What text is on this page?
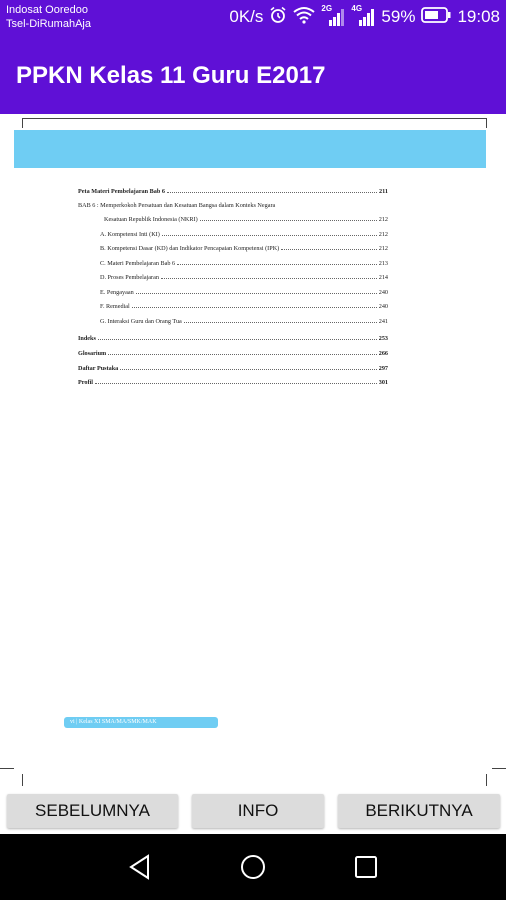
Indosat Ooredoo
Tsel-DiRumahAja	0K/s	2G 4G 59% 19:08
PPKN Kelas 11 Guru E2017
Peta Materi Pembelajaran Bab 6	211
BAB 6 : Memperkokoh Persatuan dan Kesatuan Bangsa dalam Konteks Negara
Kesatuan Republik Indonesia (NKRI)	212
A. Kompetensi Inti (KI)	212
B. Kompetensi Dasar (KD) dan Indikator Pencapaian Kompetensi (IPK)	212
C. Materi Pembelajaran Bab 6	213
D. Proses Pembelajaran	214
E. Pengayaan	240
F. Remedial	240
G. Interaksi Guru dan Orang Tua	241
Indeks	253
Glosarium	266
Daftar Pustaka	297
Profil	301
vi | Kelas XI SMA/MA/SMK/MAK
SEBELUMNYA	INFO	BERIKUTNYA
